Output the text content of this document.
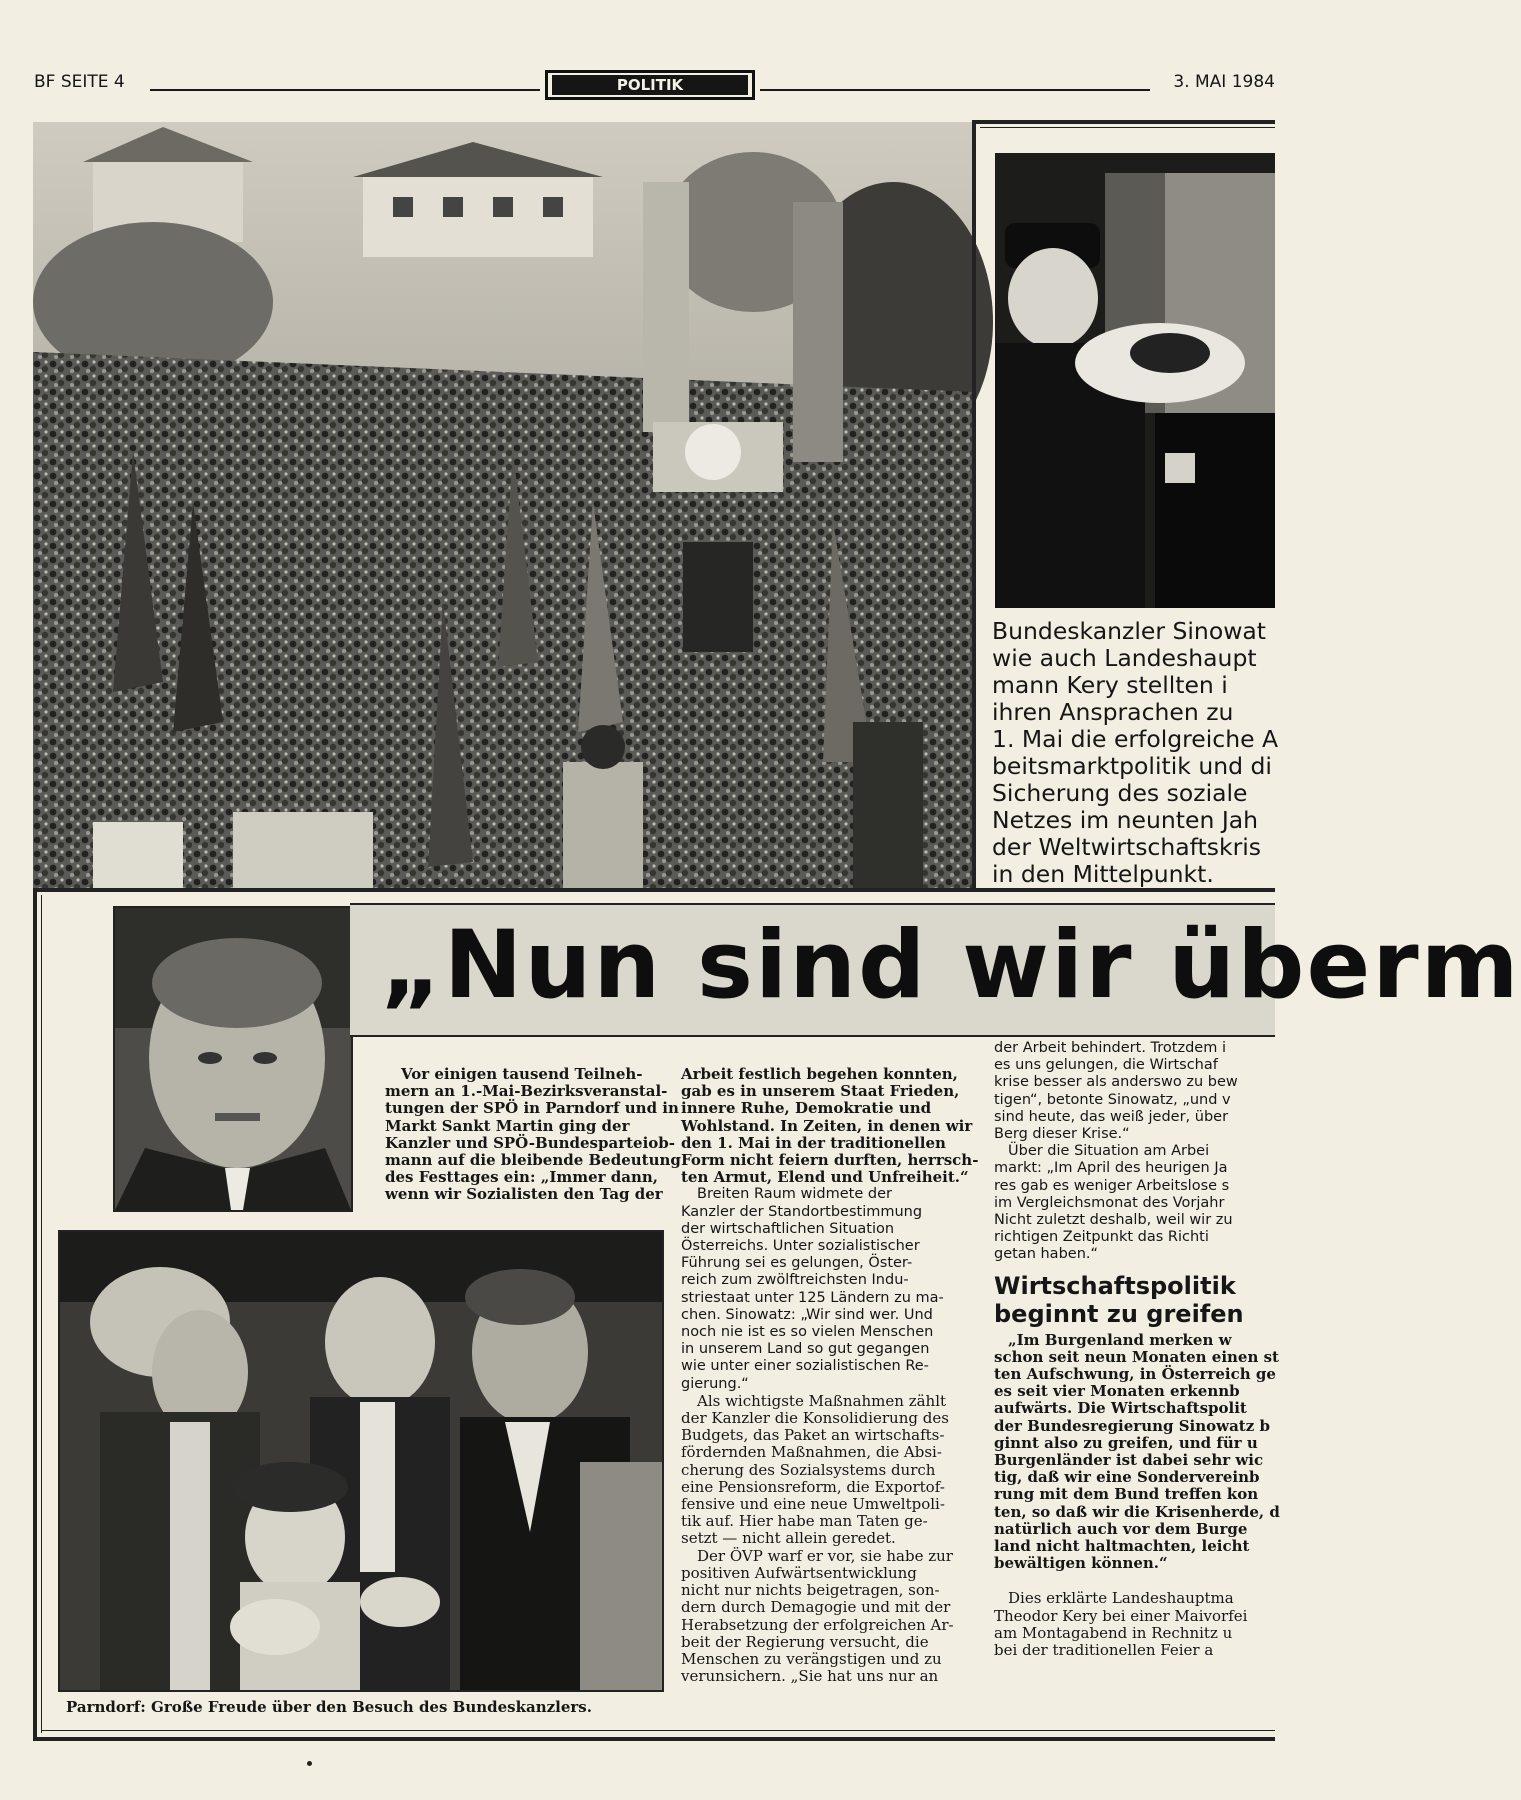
BF SEITE 4	POLITIK	3. MAI 1984
Bundeskanzler Sinowat
wie auch Landeshaupt
mann Kery stellten i
ihren Ansprachen zu
1. Mai die erfolgreiche A
beitsmarktpolitik und di
Sicherung des soziale
Netzes im neunten Jah
der Weltwirtschaftskris
in den Mittelpunkt.
„Nun sind wir überm
Vor einigen tausend Teilneh-
mern an 1.-Mai-Bezirksveranstal-
tungen der SPÖ in Parndorf und in
Markt Sankt Martin ging der
Kanzler und SPÖ-Bundesparteiob-
mann auf die bleibende Bedeutung
des Festtages ein: „Immer dann,
wenn wir Sozialisten den Tag der
Arbeit festlich begehen konnten,
gab es in unserem Staat Frieden,
innere Ruhe, Demokratie und
Wohlstand. In Zeiten, in denen wir
den 1. Mai in der traditionellen
Form nicht feiern durften, herrsch-
ten Armut, Elend und Unfreiheit.“
Breiten Raum widmete der
Kanzler der Standortbestimmung
der wirtschaftlichen Situation
Österreichs. Unter sozialistischer
Führung sei es gelungen, Öster-
reich zum zwölftreichsten Indu-
striestaat unter 125 Ländern zu ma-
chen. Sinowatz: „Wir sind wer. Und
noch nie ist es so vielen Menschen
in unserem Land so gut gegangen
wie unter einer sozialistischen Re-
gierung.“
Als wichtigste Maßnahmen zählt
der Kanzler die Konsolidierung des
Budgets, das Paket an wirtschafts-
fördernden Maßnahmen, die Absi-
cherung des Sozialsystems durch
eine Pensionsreform, die Exportof-
fensive und eine neue Umweltpoli-
tik auf. Hier habe man Taten ge-
setzt — nicht allein geredet.
Der ÖVP warf er vor, sie habe zur
positiven Aufwärtsentwicklung
nicht nur nichts beigetragen, son-
dern durch Demagogie und mit der
Herabsetzung der erfolgreichen Ar-
beit der Regierung versucht, die
Menschen zu verängstigen und zu
verunsichern. „Sie hat uns nur an
der Arbeit behindert. Trotzdem i
es uns gelungen, die Wirtschaf
krise besser als anderswo zu bew
tigen“, betonte Sinowatz, „und v
sind heute, das weiß jeder, über
Berg dieser Krise.“
Über die Situation am Arbei
markt: „Im April des heurigen Ja
res gab es weniger Arbeitslose s
im Vergleichsmonat des Vorjahr
Nicht zuletzt deshalb, weil wir zu
richtigen Zeitpunkt das Richti
getan haben.“
Wirtschaftspolitik
beginnt zu greifen
„Im Burgenland merken w
schon seit neun Monaten einen st
ten Aufschwung, in Österreich ge
es seit vier Monaten erkennb
aufwärts. Die Wirtschaftspolit
der Bundesregierung Sinowatz b
ginnt also zu greifen, und für u
Burgenländer ist dabei sehr wic
tig, daß wir eine Sondervereinb
rung mit dem Bund treffen kon
ten, so daß wir die Krisenherde, d
natürlich auch vor dem Burge
land nicht haltmachten, leicht
bewältigen können.“
Dies erklärte Landeshauptma
Theodor Kery bei einer Maivorfei
am Montagabend in Rechnitz u
bei der traditionellen Feier a
Parndorf: Große Freude über den Besuch des Bundeskanzlers.
